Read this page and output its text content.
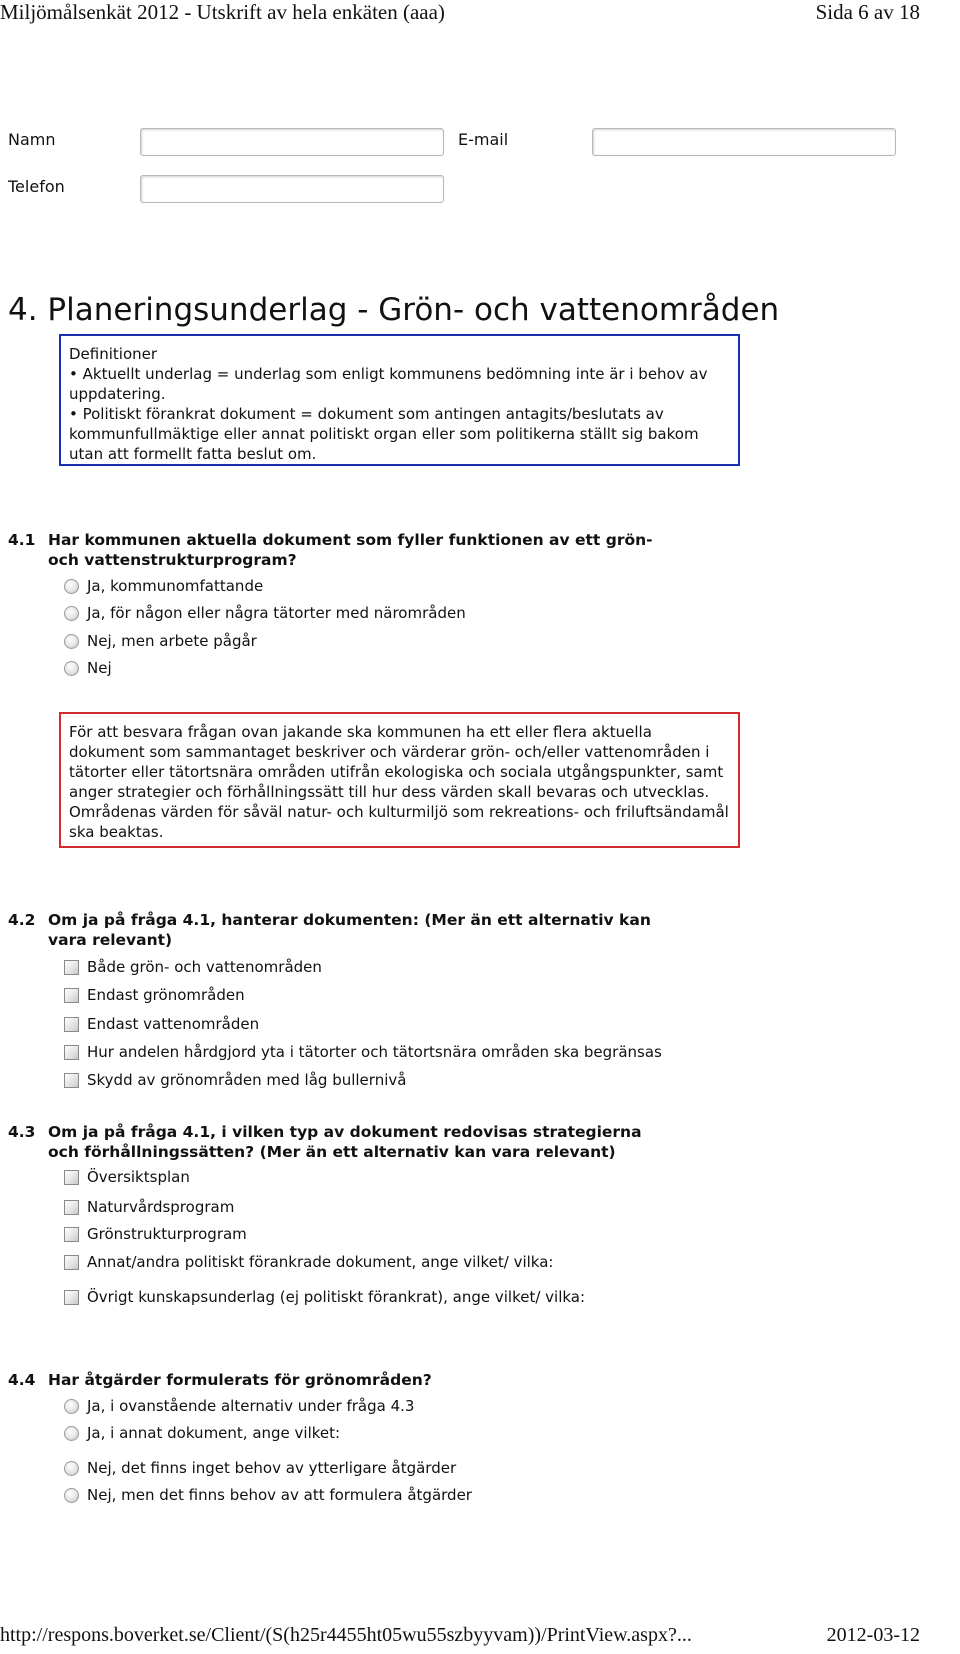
Miljömålsenkät 2012 - Utskrift av hela enkäten (aaa)	Sida 6 av 18
Namn	E-mail
Telefon
4. Planeringsunderlag - Grön- och vattenområden
Definitioner
• Aktuellt underlag = underlag som enligt kommunens bedömning inte är i behov av uppdatering.
• Politiskt förankrat dokument = dokument som antingen antagits/beslutats av kommunfullmäktige eller annat politiskt organ eller som politikerna ställt sig bakom utan att formellt fatta beslut om.
4.1 Har kommunen aktuella dokument som fyller funktionen av ett grön-
och vattenstrukturprogram?
Ja, kommunomfattande
Ja, för någon eller några tätorter med närområden
Nej, men arbete pågår
Nej
För att besvara frågan ovan jakande ska kommunen ha ett eller flera aktuella dokument som sammantaget beskriver och värderar grön- och/eller vattenområden i tätorter eller tätortsnära områden utifrån ekologiska och sociala utgångspunkter, samt anger strategier och förhållningssätt till hur dess värden skall bevaras och utvecklas. Områdenas värden för såväl natur- och kulturmiljö som rekreations- och friluftsändamål ska beaktas.
4.2 Om ja på fråga 4.1, hanterar dokumenten: (Mer än ett alternativ kan
vara relevant)
Både grön- och vattenområden
Endast grönområden
Endast vattenområden
Hur andelen hårdgjord yta i tätorter och tätortsnära områden ska begränsas
Skydd av grönområden med låg bullernivå
4.3 Om ja på fråga 4.1, i vilken typ av dokument redovisas strategierna
och förhållningssätten? (Mer än ett alternativ kan vara relevant)
Översiktsplan
Naturvårdsprogram
Grönstrukturprogram
Annat/andra politiskt förankrade dokument, ange vilket/ vilka:
Övrigt kunskapsunderlag (ej politiskt förankrat), ange vilket/ vilka:
4.4 Har åtgärder formulerats för grönområden?
Ja, i ovanstående alternativ under fråga 4.3
Ja, i annat dokument, ange vilket:
Nej, det finns inget behov av ytterligare åtgärder
Nej, men det finns behov av att formulera åtgärder
http://respons.boverket.se/Client/(S(h25r4455ht05wu55szbyyvam))/PrintView.aspx?...	2012-03-12
